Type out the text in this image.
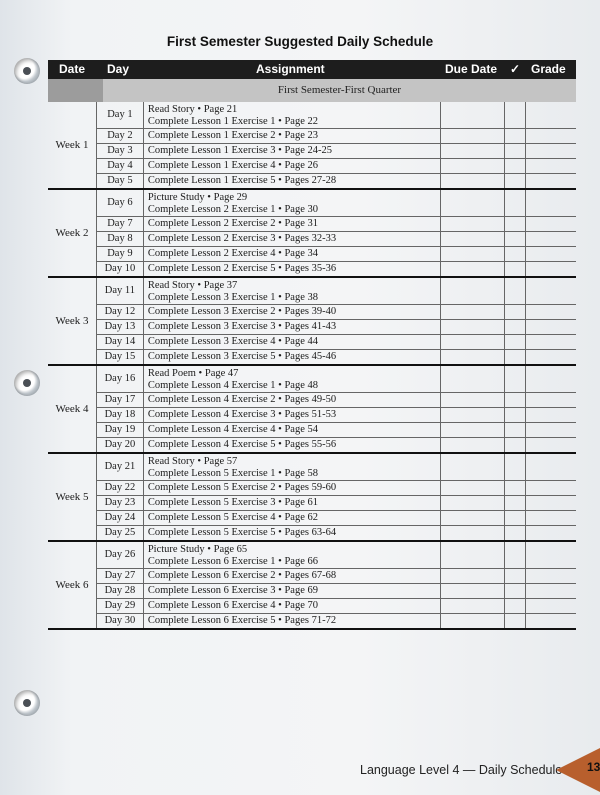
First Semester Suggested Daily Schedule
Date Day	Assignment	Due Date ✓ Grade
First Semester-First Quarter
Week 1
Day 1	Read Story • Page 21
Complete Lesson 1 Exercise 1 • Page 22
Day 2	Complete Lesson 1 Exercise 2 • Page 23
Day 3	Complete Lesson 1 Exercise 3 • Page 24-25
Day 4	Complete Lesson 1 Exercise 4 • Page 26
Day 5	Complete Lesson 1 Exercise 5 • Pages 27-28
Week 2
Day 6	Picture Study • Page 29
Complete Lesson 2 Exercise 1 • Page 30
Day 7	Complete Lesson 2 Exercise 2 • Page 31
Day 8	Complete Lesson 2 Exercise 3 • Pages 32-33
Day 9	Complete Lesson 2 Exercise 4 • Page 34
Day 10	Complete Lesson 2 Exercise 5 • Pages 35-36
Week 3
Day 11	Read Story • Page 37
Complete Lesson 3 Exercise 1 • Page 38
Day 12	Complete Lesson 3 Exercise 2 • Pages 39-40
Day 13	Complete Lesson 3 Exercise 3 • Pages 41-43
Day 14	Complete Lesson 3 Exercise 4 • Page 44
Day 15	Complete Lesson 3 Exercise 5 • Pages 45-46
Week 4
Day 16	Read Poem • Page 47
Complete Lesson 4 Exercise 1 • Page 48
Day 17	Complete Lesson 4 Exercise 2 • Pages 49-50
Day 18	Complete Lesson 4 Exercise 3 • Pages 51-53
Day 19	Complete Lesson 4 Exercise 4 • Page 54
Day 20	Complete Lesson 4 Exercise 5 • Pages 55-56
Week 5
Day 21	Read Story • Page 57
Complete Lesson 5 Exercise 1 • Page 58
Day 22	Complete Lesson 5 Exercise 2 • Pages 59-60
Day 23	Complete Lesson 5 Exercise 3 • Page 61
Day 24	Complete Lesson 5 Exercise 4 • Page 62
Day 25	Complete Lesson 5 Exercise 5 • Pages 63-64
Week 6
Day 26	Picture Study • Page 65
Complete Lesson 6 Exercise 1 • Page 66
Day 27	Complete Lesson 6 Exercise 2 • Pages 67-68
Day 28	Complete Lesson 6 Exercise 3 • Page 69
Day 29	Complete Lesson 6 Exercise 4 • Page 70
Day 30	Complete Lesson 6 Exercise 5 • Pages 71-72
Language Level 4 — Daily Schedule 13
